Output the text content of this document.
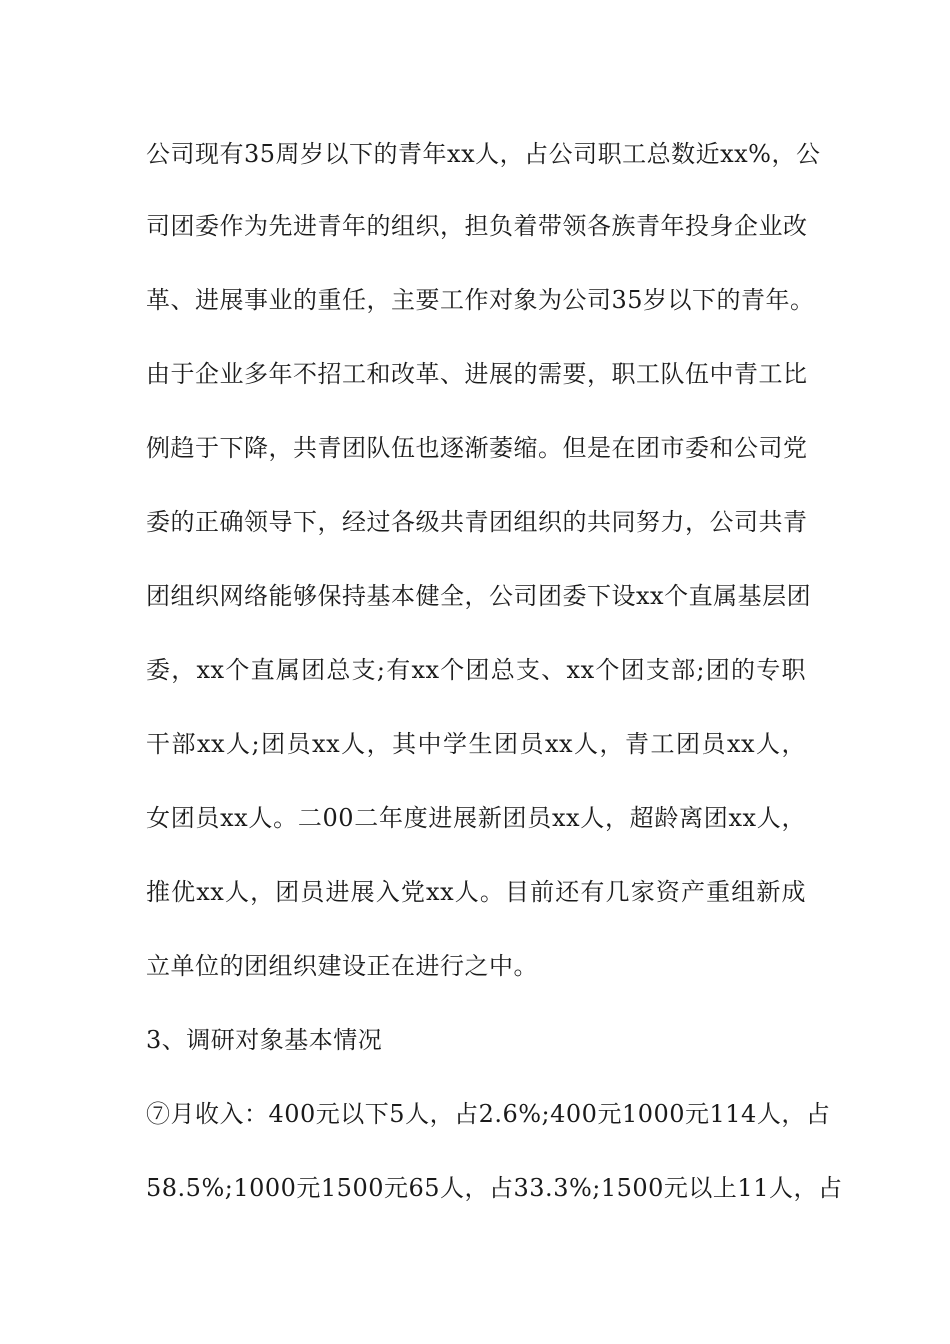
公司现有35周岁以下的青年xx人，占公司职工总数近xx%，公
司团委作为先进青年的组织，担负着带领各族青年投身企业改
革、进展事业的重任，主要工作对象为公司35岁以下的青年。
由于企业多年不招工和改革、进展的需要，职工队伍中青工比
例趋于下降，共青团队伍也逐渐萎缩。但是在团市委和公司党
委的正确领导下，经过各级共青团组织的共同努力，公司共青
团组织网络能够保持基本健全，公司团委下设xx个直属基层团
委，xx个直属团总支;有xx个团总支、xx个团支部;团的专职
干部xx人;团员xx人，其中学生团员xx人，青工团员xx人，
女团员xx人。二00二年度进展新团员xx人，超龄离团xx人，
推优xx人，团员进展入党xx人。目前还有几家资产重组新成
立单位的团组织建设正在进行之中。
3、调研对象基本情况
⑦月收入：400元以下5人，占2.6%;400元1000元114人，占
58.5%;1000元1500元65人，占33.3%;1500元以上11人，占
